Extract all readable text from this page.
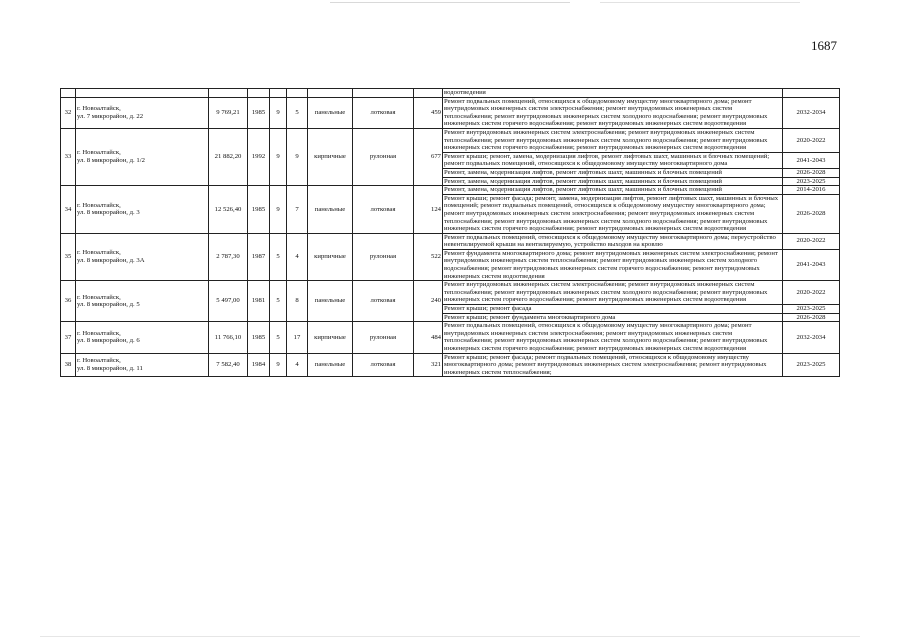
1687
									водоотведения	
32	г. Новоалтайск,
ул. 7 микрорайон, д. 22	9 769,21	1985	9	5	панельные	лотковая	459	Ремонт подвальных помещений, относящихся к общедомовому имуществу многоквартирного дома; ремонт внутридомовых инженерных систем электроснабжения; ремонт внутридомовых инженерных систем теплоснабжения; ремонт внутридомовых инженерных систем холодного водоснабжения; ремонт внутридомовых инженерных систем горячего водоснабжения; ремонт внутридомовых инженерных систем водоотведения	2032-2034
33	г. Новоалтайск,
ул. 8 микрорайон, д. 1/2	21 882,20	1992	9	9	кирпичные	рулонная	677	Ремонт внутридомовых инженерных систем электроснабжения; ремонт внутридомовых инженерных систем теплоснабжения; ремонт внутридомовых инженерных систем холодного водоснабжения; ремонт внутридомовых инженерных систем горячего водоснабжения; ремонт внутридомовых инженерных систем водоотведения	2020-2022
									Ремонт крыши; ремонт, замена, модернизация лифтов, ремонт лифтовых шахт, машинных и блочных помещений; ремонт подвальных помещений, относящихся к общедомовому имуществу многоквартирного дома	2041-2043
									Ремонт, замена, модернизация лифтов, ремонт лифтовых шахт, машинных и блочных помещений	2026-2028
									Ремонт, замена, модернизация лифтов, ремонт лифтовых шахт, машинных и блочных помещений	2023-2025
34	г. Новоалтайск,
ул. 8 микрорайон, д. 3	12 526,40	1985	9	7	панельные	лотковая	124	Ремонт, замена, модернизация лифтов, ремонт лифтовых шахт, машинных и блочных помещений	2014-2016
									Ремонт крыши; ремонт фасада; ремонт, замена, модернизация лифтов, ремонт лифтовых шахт, машинных и блочных помещений; ремонт подвальных помещений, относящихся к общедомовому имуществу многоквартирного дома; ремонт внутридомовых инженерных систем электроснабжения; ремонт внутридомовых инженерных систем теплоснабжения; ремонт внутридомовых инженерных систем холодного водоснабжения; ремонт внутридомовых инженерных систем горячего водоснабжения; ремонт внутридомовых инженерных систем водоотведения	2026-2028
35	г. Новоалтайск,
ул. 8 микрорайон, д. 3А	2 787,30	1987	5	4	кирпичные	рулонная	522	Ремонт подвальных помещений, относящихся к общедомовому имуществу многоквартирного дома; переустройство невентилируемой крыши на вентилируемую, устройство выходов на кровлю	2020-2022
									Ремонт фундамента многоквартирного дома; ремонт внутридомовых инженерных систем электроснабжения; ремонт внутридомовых инженерных систем теплоснабжения; ремонт внутридомовых инженерных систем холодного водоснабжения; ремонт внутридомовых инженерных систем горячего водоснабжения; ремонт внутридомовых инженерных систем водоотведения	2041-2043
36	г. Новоалтайск,
ул. 8 микрорайон, д. 5	5 497,00	1981	5	8	панельные	лотковая	240	Ремонт внутридомовых инженерных систем электроснабжения; ремонт внутридомовых инженерных систем теплоснабжения; ремонт внутридомовых инженерных систем холодного водоснабжения; ремонт внутридомовых инженерных систем горячего водоснабжения; ремонт внутридомовых инженерных систем водоотведения	2020-2022
									Ремонт крыши; ремонт фасада	2023-2025
									Ремонт крыши; ремонт фундамента многоквартирного дома	2026-2028
37	г. Новоалтайск,
ул. 8 микрорайон, д. 6	11 766,10	1985	5	17	кирпичные	рулонная	484	Ремонт подвальных помещений, относящихся к общедомовому имуществу многоквартирного дома; ремонт внутридомовых инженерных систем электроснабжения; ремонт внутридомовых инженерных систем теплоснабжения; ремонт внутридомовых инженерных систем холодного водоснабжения; ремонт внутридомовых инженерных систем горячего водоснабжения; ремонт внутридомовых инженерных систем водоотведения	2032-2034
38	г. Новоалтайск,
ул. 8 микрорайон, д. 11	7 582,40	1984	9	4	панельные	лотковая	321	Ремонт крыши; ремонт фасада; ремонт подвальных помещений, относящихся к общедомовому имуществу многоквартирного дома; ремонт внутридомовых инженерных систем электроснабжения; ремонт внутридомовых инженерных систем теплоснабжения;	2023-2025
